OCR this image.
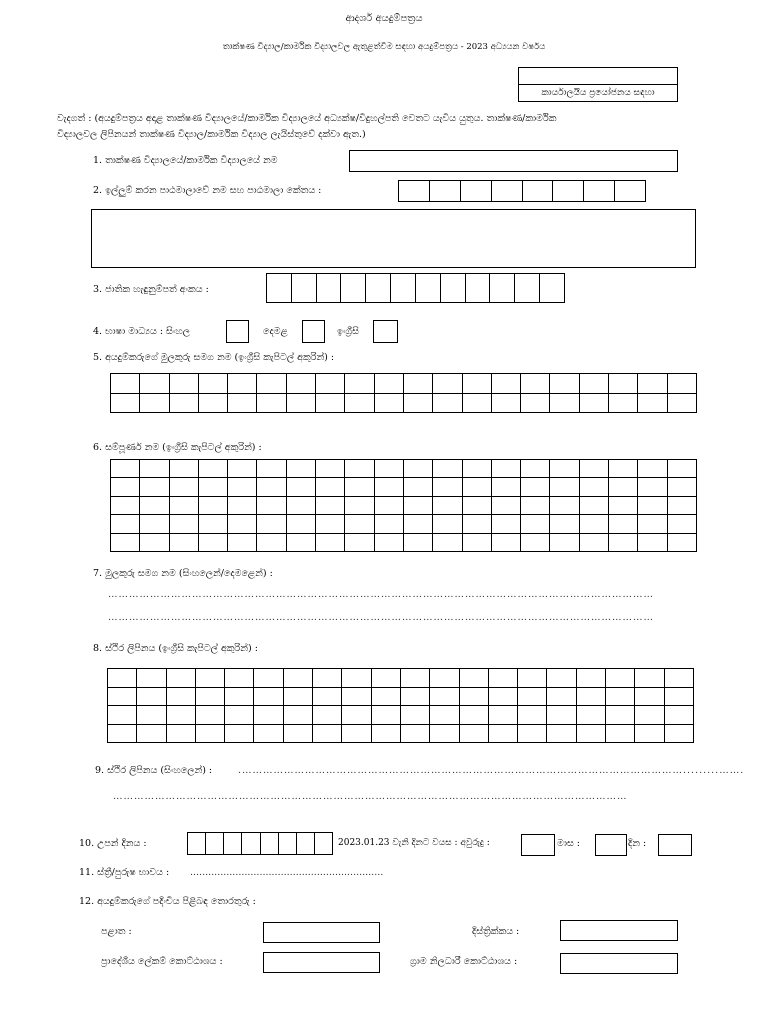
ආදර්ශ අයදුම්පත්‍රය
තාක්ෂණ විද්‍යාල/කාර්මික විද්‍යාලවල ඇතුළත්වීම සඳහා අයදුම්පත්‍රය - 2023 අධ්‍යයන වර්ෂය
කාර්යාලයීය ප්‍රයෝජනය සඳහා
වැදගත් : (අයදුම්පත්‍රය අදාළ තාක්ෂණ විද්‍යාලයේ/කාර්මික විද්‍යාලයේ අධ්‍යක්ෂ/විදුහල්පති වෙතට යැවිය යුතුය. තාක්ෂණ/කාර්මික
විද්‍යාලවල ලිපිනයන් තාක්ෂණ විද්‍යාල/කාර්මික විද්‍යාල ලැයිස්තුවේ දක්වා ඇත.)
1. තාක්ෂණ විද්‍යාලයේ/කාර්මික විද්‍යාලයේ නම
2. ඉල්ලුම් කරන පාඨමාලාවේ නම සහ පාඨමාලා කේතය :

3. ජාතික හැඳුනුම්පත් අංකය :

4. භාෂා මාධ්‍යය : සිංහල	දෙමළ	ඉංග්‍රීසි
5. අයදුම්කරුගේ මුලකුරු සමග නම (ඉංග්‍රීසි කැපිටල් අකුරින්) :

6. සම්පූර්ණ නම (ඉංග්‍රීසි කැපිටල් අකුරින්) :

7. මුලකුරු සමග නම (සිංහලෙන්/දෙමළෙන්) :
…………………………………………………………………………………………………………………………………………
…………………………………………………………………………………………………………………………………………
8. ස්ථිර ලිපිනය (ඉංග්‍රීසි කැපිටල් අකුරින්) :

9. ස්ථිර ලිපිනය (සිංහලෙන්) :	.……………………………………………………………………………………………………………….........…….
…………………………………………………………………………………………………………………………………
10. උපන් දිනය :
								2023.01.23 වැනි දිනට වයස : අවුරුදු :	මාස :	දින :
11. ස්ත්‍රී/පුරුෂ භාවය : ................................................................
12. අයදුම්කරුගේ පදිංචිය පිළිබඳ තොරතුරු :
පළාත :	දිස්ත්‍රික්කය :
ප්‍රාදේශීය ලේකම් කොට්ඨාශය :	ග්‍රාම නිලධාරී කොට්ඨාශය :
